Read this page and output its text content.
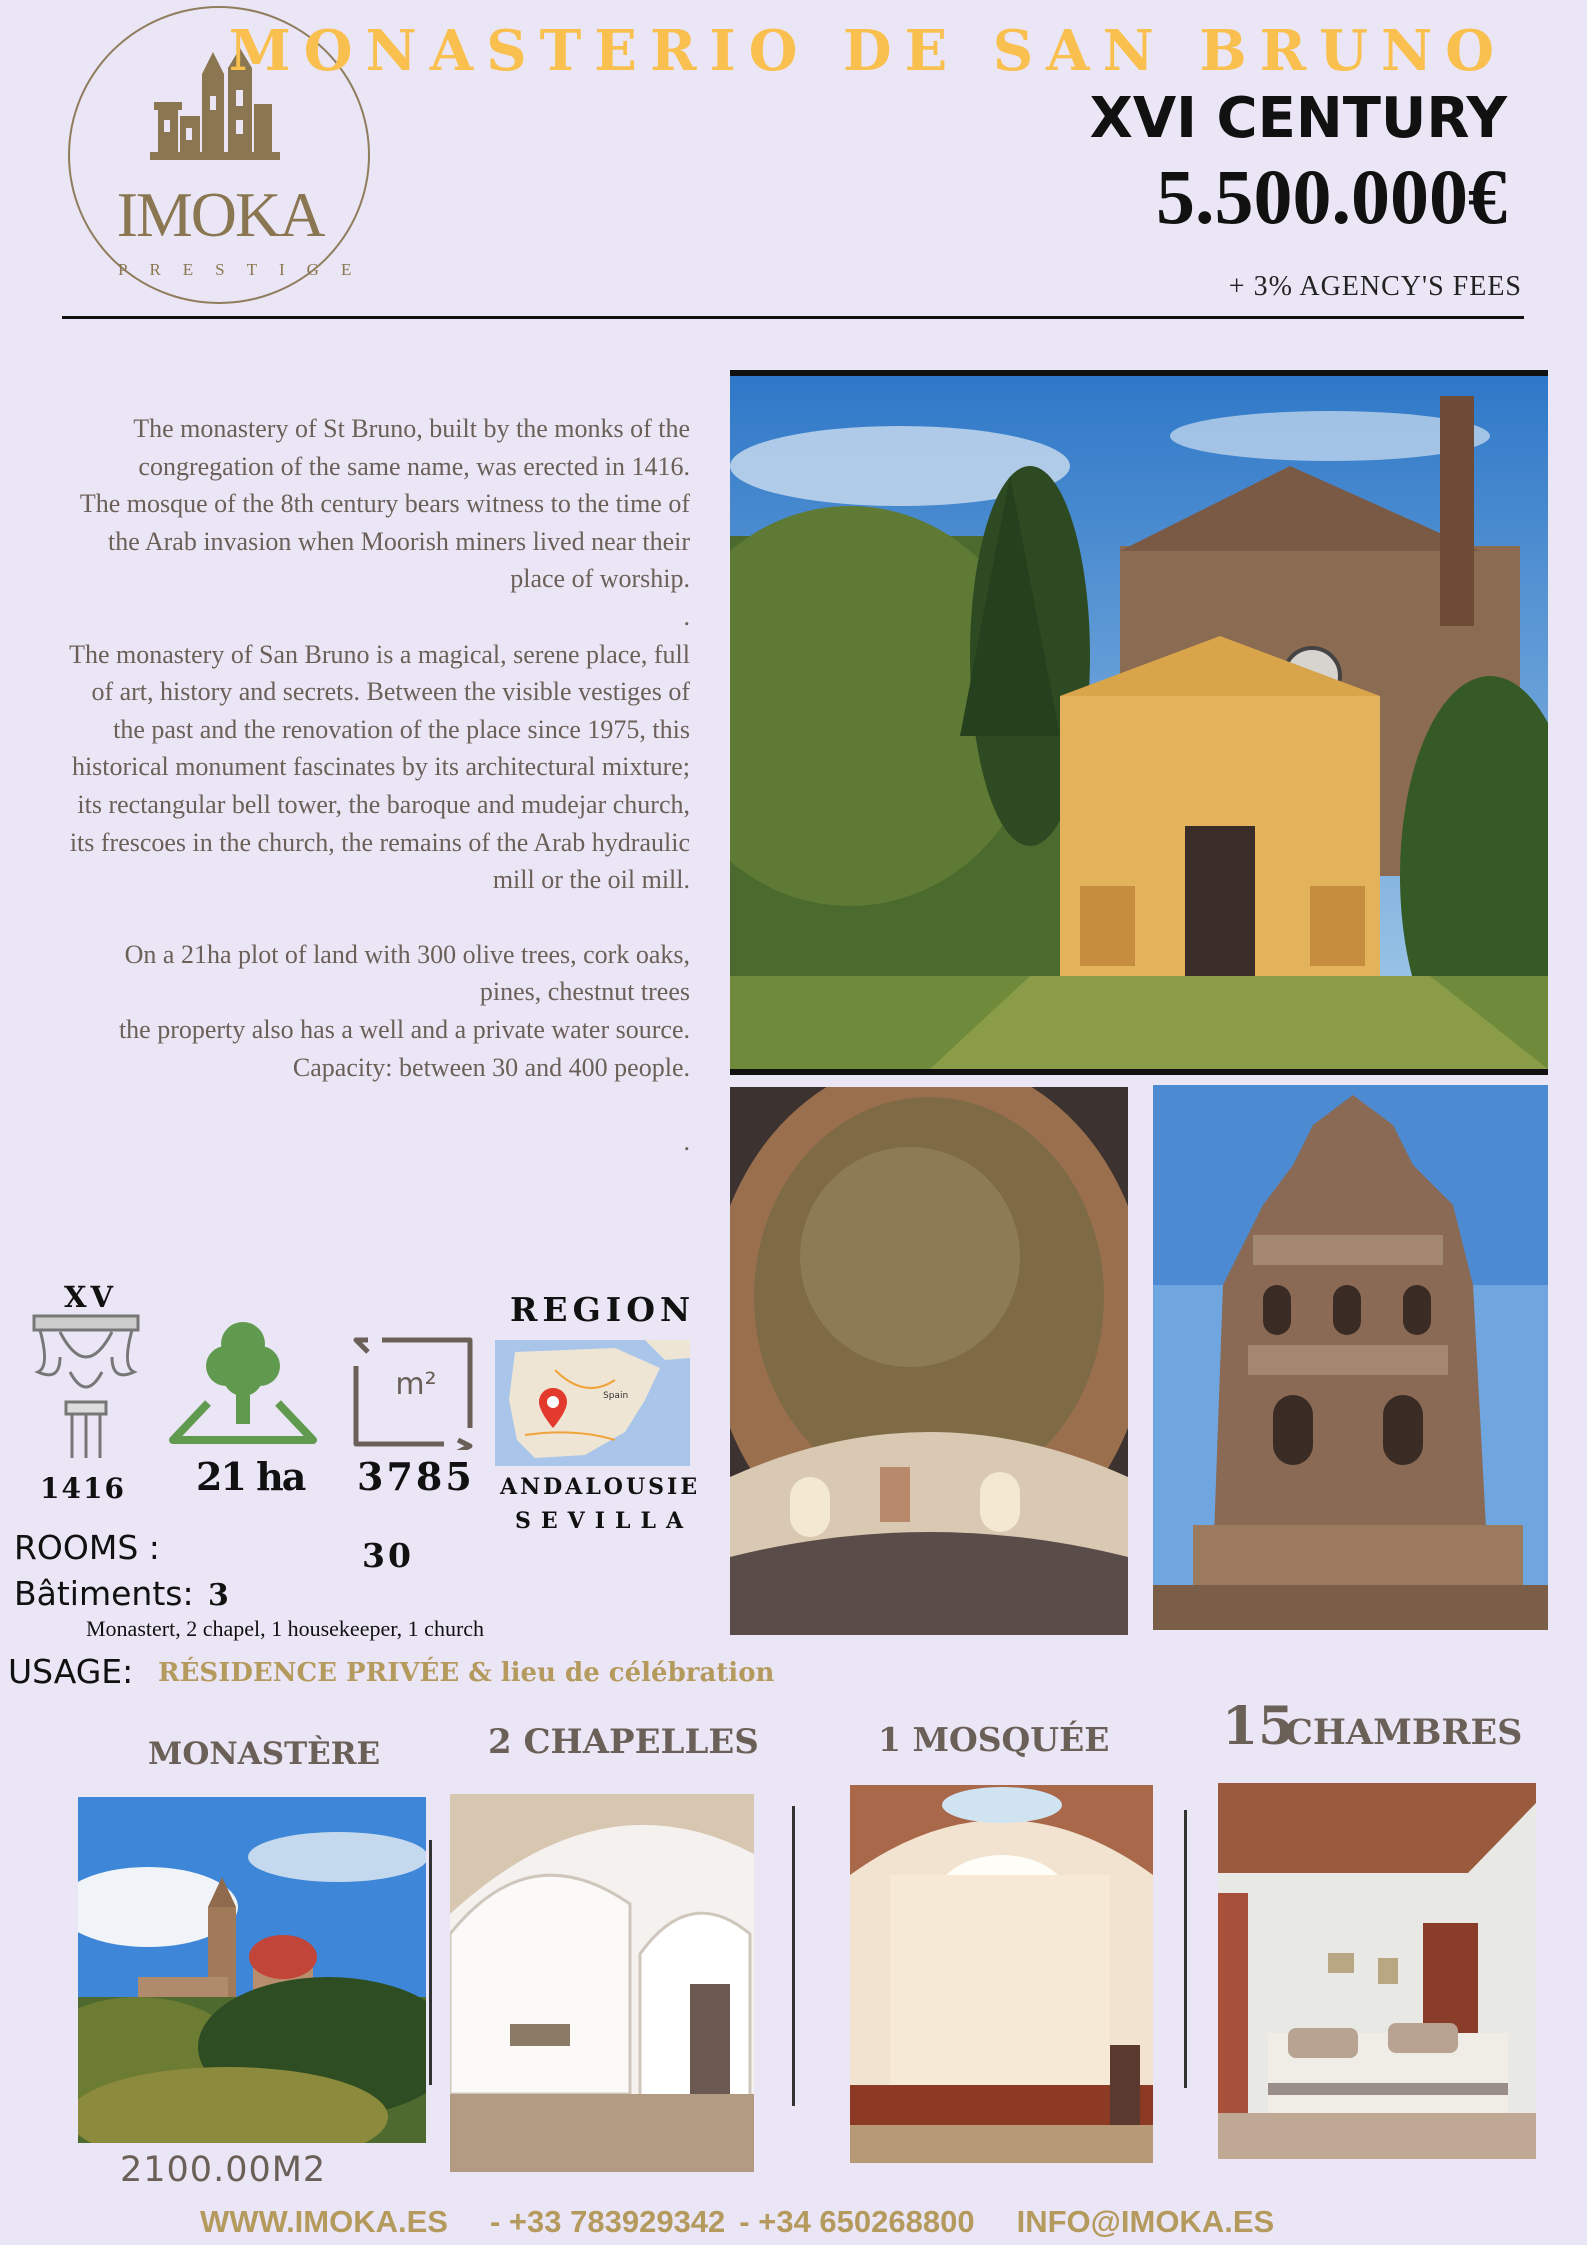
IMOKA
PRESTIGE
MONASTERIO DE SAN BRUNO
XVI CENTURY
5.500.000€
+ 3% AGENCY'S FEES

The monastery of St Bruno, built by the monks of the congregation of the same name, was erected in 1416.

The mosque of the 8th century bears witness to the time of the Arab invasion when Moorish miners lived near their place of worship.

.

The monastery of San Bruno is a magical, serene place, full of art, history and secrets. Between the visible vestiges of the past and the renovation of the place since 1975, this historical monument fascinates by its architectural mixture; its rectangular bell tower, the baroque and mudejar church, its frescoes in the church, the remains of the Arab hydraulic mill or the oil mill.

On a 21ha plot of land with 300 olive trees, cork oaks, pines, chestnut trees

the property also has a well and a private water source.

Capacity: between 30 and 400 people.

.

XV
1416 21 ha
m²
3785
REGION
Spain
ANDALOUSIE
SEVILLA
ROOMS :	30
Bâtiments: 3
Monastert, 2 chapel, 1 housekeeper, 1 church
USAGE: RÉSIDENCE PRIVÉE & lieu de célébration
MONASTÈRE	2 CHAPELLES	1 MOSQUÉE 15
CHAMBRES
2100.00M2
WWW.IMOKA.ES - +33 783929342 - +34 650268800 INFO@IMOKA.ES
